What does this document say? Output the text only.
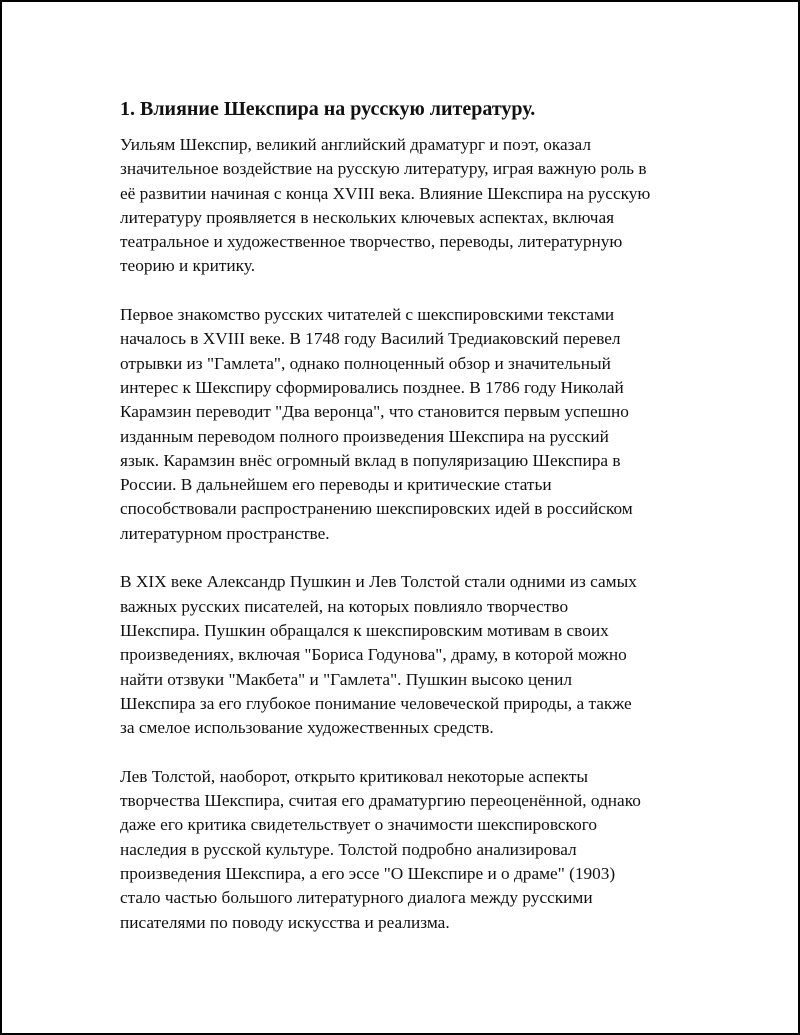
1. Влияние Шекспира на русскую литературу.
Уильям Шекспир, великий английский драматург и поэт, оказал
значительное воздействие на русскую литературу, играя важную роль в
её развитии начиная с конца XVIII века. Влияние Шекспира на русскую
литературу проявляется в нескольких ключевых аспектах, включая
театральное и художественное творчество, переводы, литературную
теорию и критику.
Первое знакомство русских читателей с шекспировскими текстами
началось в XVIII веке. В 1748 году Василий Тредиаковский перевел
отрывки из "Гамлета", однако полноценный обзор и значительный
интерес к Шекспиру сформировались позднее. В 1786 году Николай
Карамзин переводит "Два веронца", что становится первым успешно
изданным переводом полного произведения Шекспира на русский
язык. Карамзин внёс огромный вклад в популяризацию Шекспира в
России. В дальнейшем его переводы и критические статьи
способствовали распространению шекспировских идей в российском
литературном пространстве.
В XIX веке Александр Пушкин и Лев Толстой стали одними из самых
важных русских писателей, на которых повлияло творчество
Шекспира. Пушкин обращался к шекспировским мотивам в своих
произведениях, включая "Бориса Годунова", драму, в которой можно
найти отзвуки "Макбета" и "Гамлета". Пушкин высоко ценил
Шекспира за его глубокое понимание человеческой природы, а также
за смелое использование художественных средств.
Лев Толстой, наоборот, открыто критиковал некоторые аспекты
творчества Шекспира, считая его драматургию переоценённой, однако
даже его критика свидетельствует о значимости шекспировского
наследия в русской культуре. Толстой подробно анализировал
произведения Шекспира, а его эссе "О Шекспире и о драме" (1903)
стало частью большого литературного диалога между русскими
писателями по поводу искусства и реализма.
